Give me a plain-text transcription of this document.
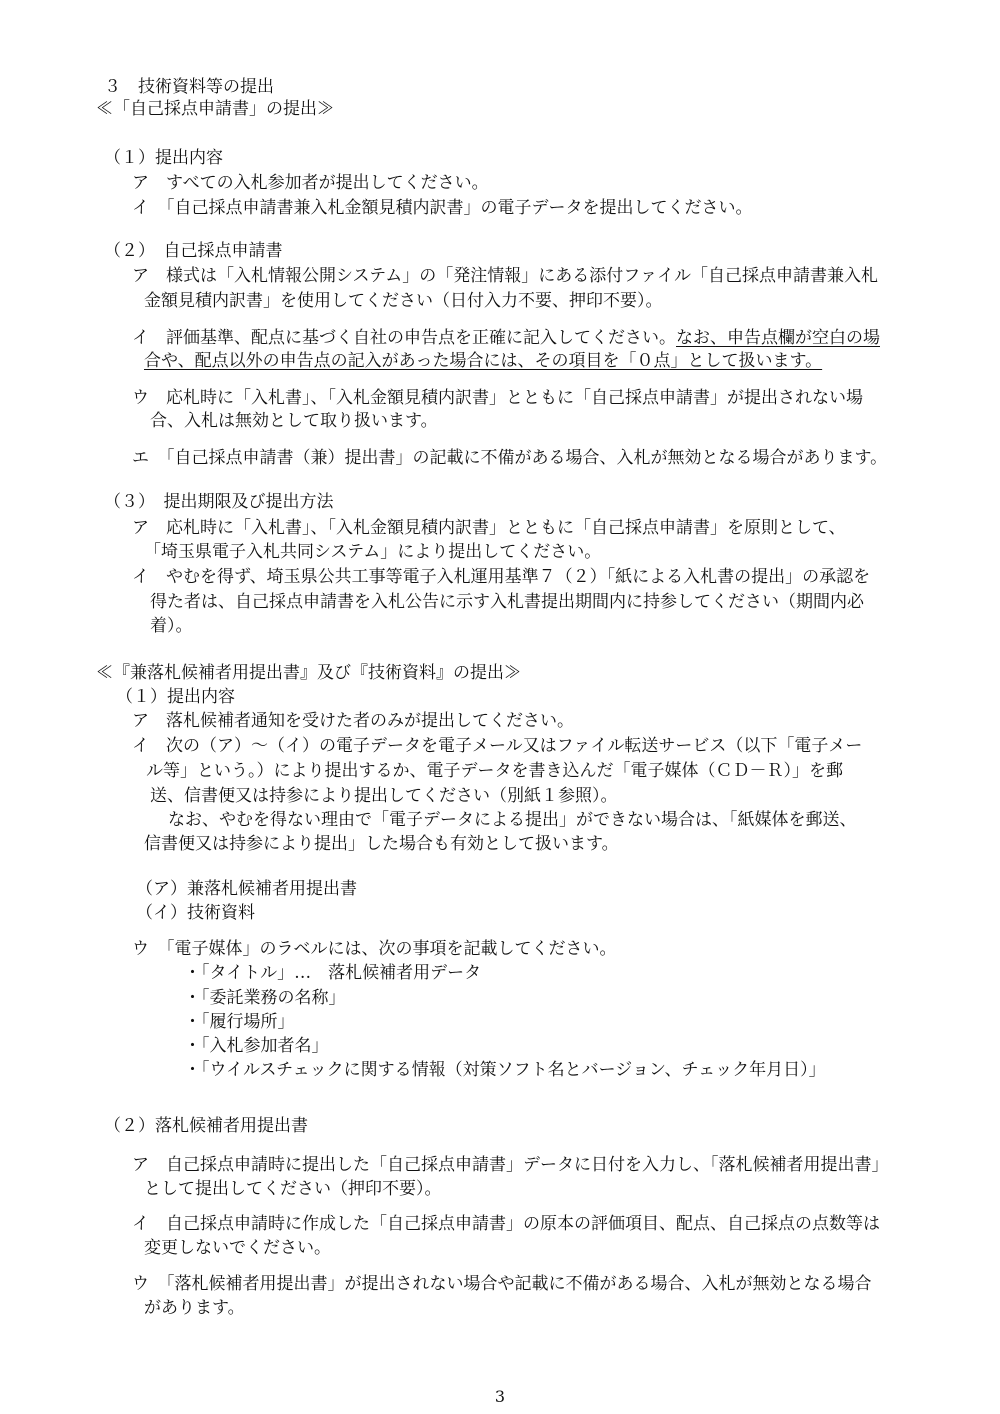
３　技術資料等の提出
≪「自己採点申請書」の提出≫
（１）提出内容
ア　すべての入札参加者が提出してください。
イ　「自己採点申請書兼入札金額見積内訳書」の電子データを提出してください。
（２）　自己採点申請書
ア　様式は「入札情報公開システム」の「発注情報」にある添付ファイル「自己採点申請書兼入札
金額見積内訳書」を使用してください（日付入力不要、押印不要）。
イ　評価基準、配点に基づく自社の申告点を正確に記入してください。なお、申告点欄が空白の場
合や、配点以外の申告点の記入があった場合には、その項目を「０点」として扱います。
ウ　応札時に「入札書」、「入札金額見積内訳書」とともに「自己採点申請書」が提出されない場
合、入札は無効として取り扱います。
エ　「自己採点申請書（兼）提出書」の記載に不備がある場合、入札が無効となる場合があります。
（３）　提出期限及び提出方法
ア　応札時に「入札書」、「入札金額見積内訳書」とともに「自己採点申請書」を原則として、
「埼玉県電子入札共同システム」により提出してください。
イ　やむを得ず、埼玉県公共工事等電子入札運用基準７（２）「紙による入札書の提出」の承認を
得た者は、自己採点申請書を入札公告に示す入札書提出期間内に持参してください（期間内必
着）。
≪『兼落札候補者用提出書』及び『技術資料』の提出≫
（１）提出内容
ア　落札候補者通知を受けた者のみが提出してください。
イ　次の（ア）～（イ）の電子データを電子メール又はファイル転送サービス（以下「電子メー
ル等」という。）により提出するか、電子データを書き込んだ「電子媒体（ＣＤ－Ｒ）」を郵
送、信書便又は持参により提出してください（別紙１参照）。
なお、やむを得ない理由で「電子データによる提出」ができない場合は、「紙媒体を郵送、
信書便又は持参により提出」した場合も有効として扱います。
（ア）兼落札候補者用提出書
（イ）技術資料
ウ　「電子媒体」のラベルには、次の事項を記載してください。
・「タイトル」…　落札候補者用データ
・「委託業務の名称」
・「履行場所」
・「入札参加者名」
・「ウイルスチェックに関する情報（対策ソフト名とバージョン、チェック年月日）」
（２）落札候補者用提出書
ア　自己採点申請時に提出した「自己採点申請書」データに日付を入力し、「落札候補者用提出書」
として提出してください（押印不要）。
イ　自己採点申請時に作成した「自己採点申請書」の原本の評価項目、配点、自己採点の点数等は
変更しないでください。
ウ　「落札候補者用提出書」が提出されない場合や記載に不備がある場合、入札が無効となる場合
があります。
3
